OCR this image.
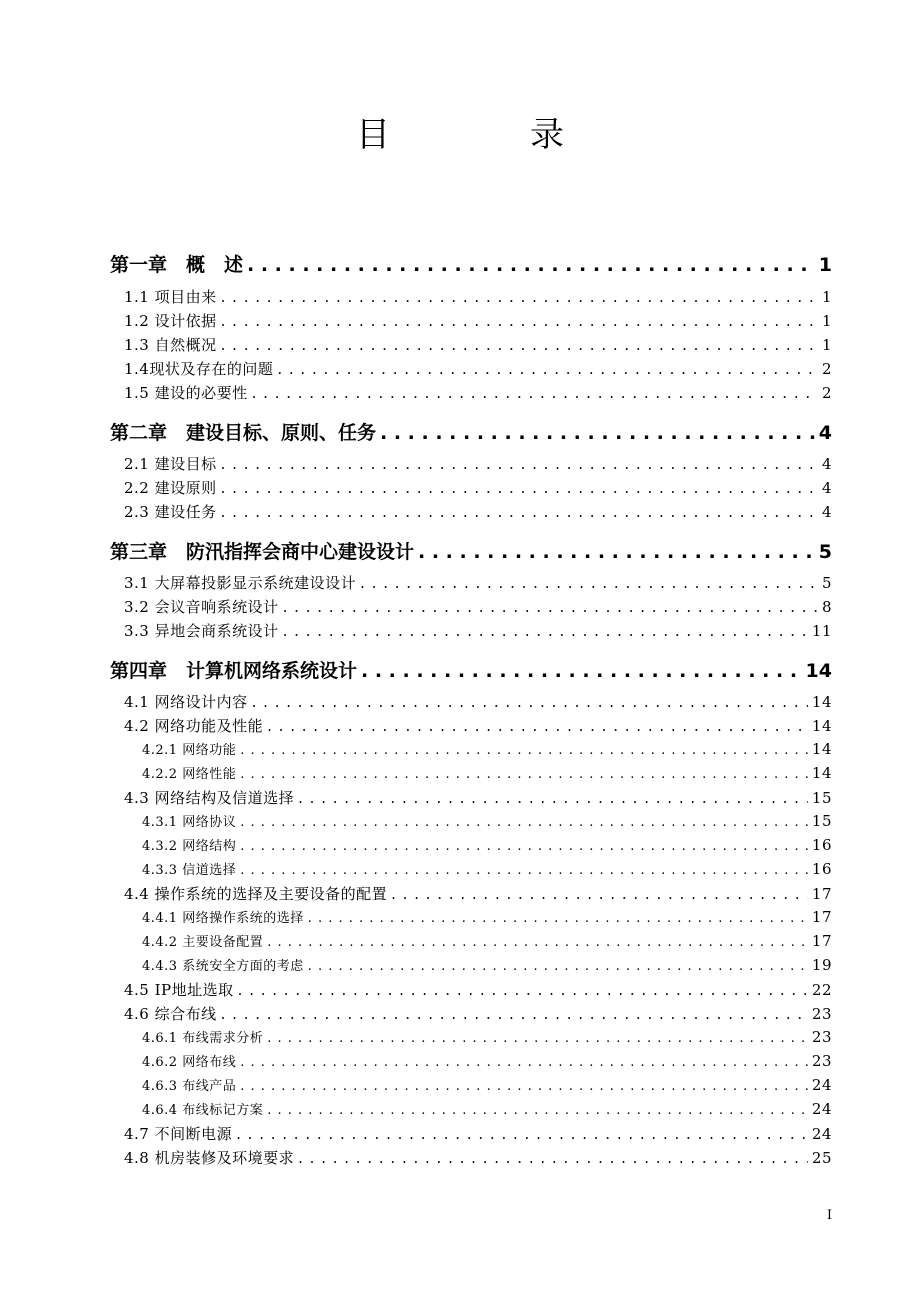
目录
第一章　概　述 . . .	1
1.1 项目由来 . . .	1
1.2 设计依据 . . .	1
1.3 自然概况 . . .	1
1.4现状及存在的问题 . . .	2
1.5 建设的必要性 . . .	2
第二章　建设目标、原则、任务 . . .	4
2.1 建设目标 . . .	4
2.2 建设原则 . . .	4
2.3 建设任务 . . .	4
第三章　防汛指挥会商中心建设设计 . . .	5
3.1 大屏幕投影显示系统建设设计 . . .	5
3.2 会议音响系统设计 . . .	8
3.3 异地会商系统设计 . . .	11
第四章　计算机网络系统设计 . . .	14
4.1 网络设计内容 . . .	14
4.2 网络功能及性能 . . .	14
4.2.1 网络功能 . . .	14
4.2.2 网络性能 . . .	14
4.3 网络结构及信道选择 . . .	15
4.3.1 网络协议 . . .	15
4.3.2 网络结构 . . .	16
4.3.3 信道选择 . . .	16
4.4 操作系统的选择及主要设备的配置 . . .	17
4.4.1 网络操作系统的选择 . . .	17
4.4.2 主要设备配置 . . .	17
4.4.3 系统安全方面的考虑 . . .	19
4.5 IP地址选取 . . .	22
4.6 综合布线 . . .	23
4.6.1 布线需求分析 . . .	23
4.6.2 网络布线 . . .	23
4.6.3 布线产品 . . .	24
4.6.4 布线标记方案 . . .	24
4.7 不间断电源 . . .	24
4.8 机房装修及环境要求 . . .	25
I
